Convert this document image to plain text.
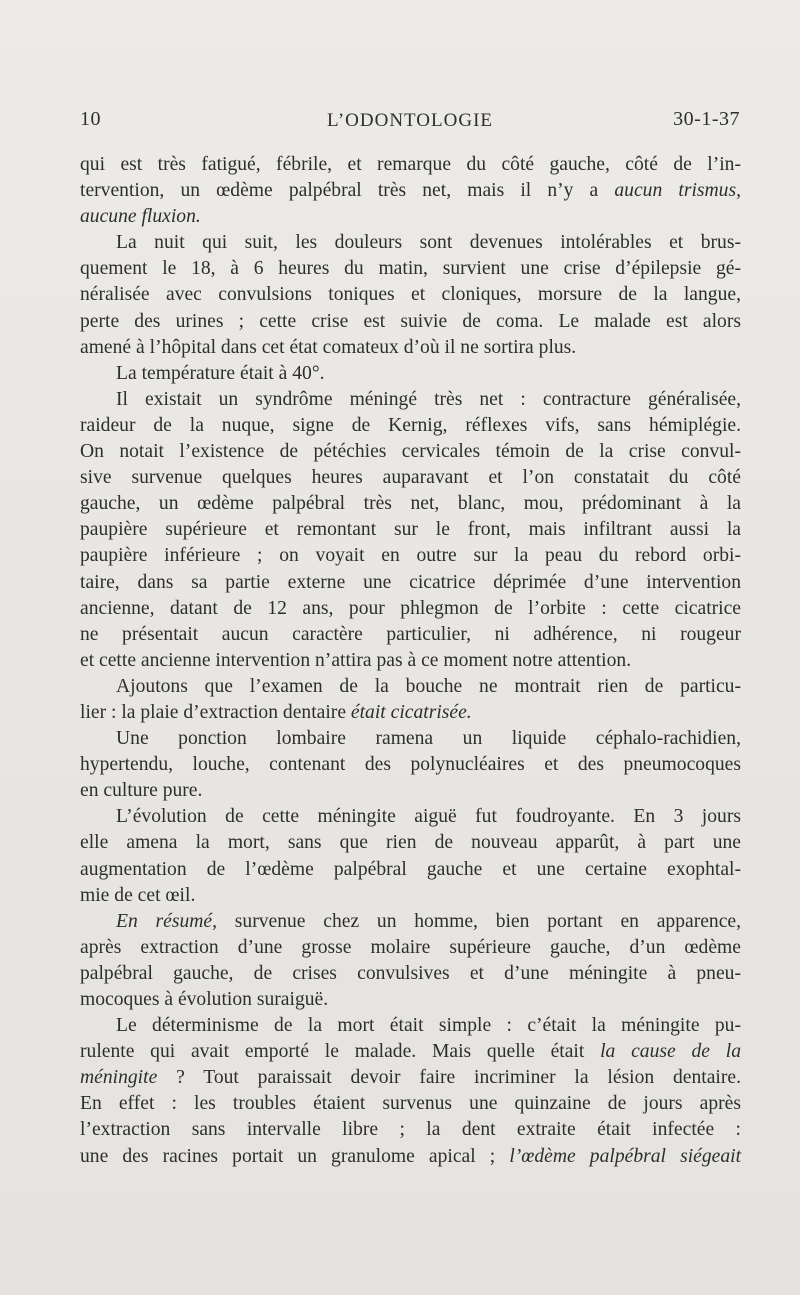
10	L’ODONTOLOGIE	30-1-37
qui est très fatigué, fébrile, et remarque du côté gauche, côté de l’in-
tervention, un œdème palpébral très net, mais il n’y a aucun trismus,
aucune fluxion.
La nuit qui suit, les douleurs sont devenues intolérables et brus-
quement le 18, à 6 heures du matin, survient une crise d’épilepsie gé-
néralisée avec convulsions toniques et cloniques, morsure de la langue,
perte des urines ; cette crise est suivie de coma. Le malade est alors
amené à l’hôpital dans cet état comateux d’où il ne sortira plus.
La température était à 40°.
Il existait un syndrôme méningé très net : contracture généralisée,
raideur de la nuque, signe de Kernig, réflexes vifs, sans hémiplégie.
On notait l’existence de pétéchies cervicales témoin de la crise convul-
sive survenue quelques heures auparavant et l’on constatait du côté
gauche, un œdème palpébral très net, blanc, mou, prédominant à la
paupière supérieure et remontant sur le front, mais infiltrant aussi la
paupière inférieure ; on voyait en outre sur la peau du rebord orbi-
taire, dans sa partie externe une cicatrice déprimée d’une intervention
ancienne, datant de 12 ans, pour phlegmon de l’orbite : cette cicatrice
ne présentait aucun caractère particulier, ni adhérence, ni rougeur
et cette ancienne intervention n’attira pas à ce moment notre attention.
Ajoutons que l’examen de la bouche ne montrait rien de particu-
lier : la plaie d’extraction dentaire était cicatrisée.
Une ponction lombaire ramena un liquide céphalo-rachidien,
hypertendu, louche, contenant des polynucléaires et des pneumocoques
en culture pure.
L’évolution de cette méningite aiguë fut foudroyante. En 3 jours
elle amena la mort, sans que rien de nouveau apparût, à part une
augmentation de l’œdème palpébral gauche et une certaine exophtal-
mie de cet œil.
En résumé, survenue chez un homme, bien portant en apparence,
après extraction d’une grosse molaire supérieure gauche, d’un œdème
palpébral gauche, de crises convulsives et d’une méningite à pneu-
mocoques à évolution suraiguë.
Le déterminisme de la mort était simple : c’était la méningite pu-
rulente qui avait emporté le malade. Mais quelle était la cause de la
méningite ? Tout paraissait devoir faire incriminer la lésion dentaire.
En effet : les troubles étaient survenus une quinzaine de jours après
l’extraction sans intervalle libre ; la dent extraite était infectée :
une des racines portait un granulome apical ; l’œdème palpébral siégeait
